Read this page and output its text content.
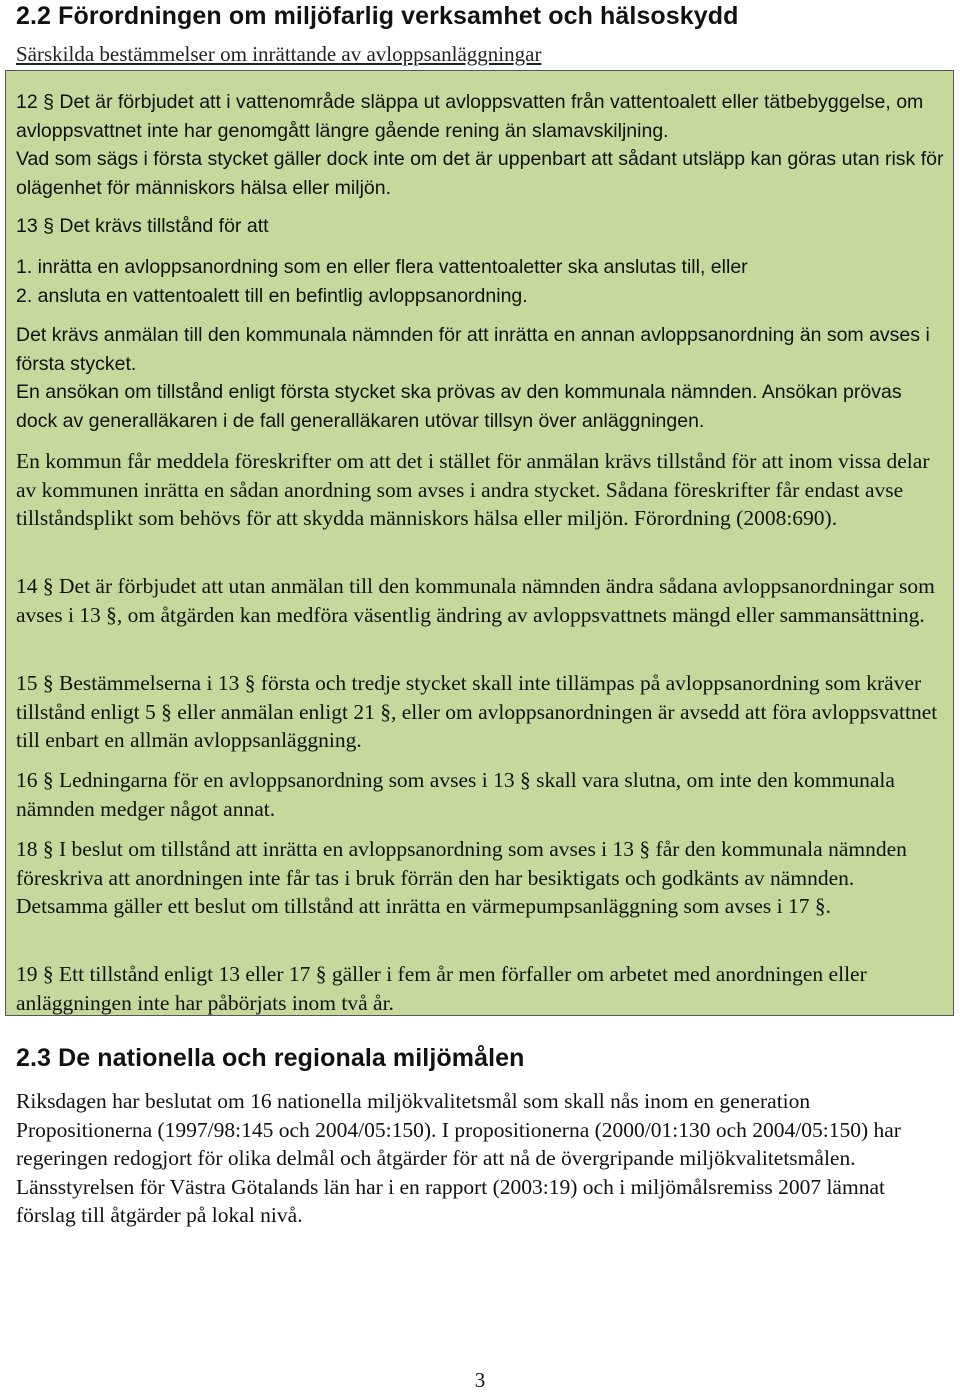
2.2 Förordningen om miljöfarlig verksamhet och hälsoskydd
Särskilda bestämmelser om inrättande av avloppsanläggningar

12 § Det är förbjudet att i vattenområde släppa ut avloppsvatten från vattentoalett eller tätbebyggelse, om avloppsvattnet inte har genomgått längre gående rening än slamavskiljning.

Vad som sägs i första stycket gäller dock inte om det är uppenbart att sådant utsläpp kan göras utan risk för olägenhet för människors hälsa eller miljön.

13 § Det krävs tillstånd för att

1. inrätta en avloppsanordning som en eller flera vattentoaletter ska anslutas till, eller

2. ansluta en vattentoalett till en befintlig avloppsanordning.

Det krävs anmälan till den kommunala nämnden för att inrätta en annan avloppsanordning än som avses i första stycket.

En ansökan om tillstånd enligt första stycket ska prövas av den kommunala nämnden. Ansökan prövas dock av generalläkaren i de fall generalläkaren utövar tillsyn över anläggningen.

En kommun får meddela föreskrifter om att det i stället för anmälan krävs tillstånd för att inom vissa delar av kommunen inrätta en sådan anordning som avses i andra stycket. Sådana föreskrifter får endast avse tillståndsplikt som behövs för att skydda människors hälsa eller miljön. Förordning (2008:690).

14 § Det är förbjudet att utan anmälan till den kommunala nämnden ändra sådana avloppsanordningar som avses i 13 §, om åtgärden kan medföra väsentlig ändring av avloppsvattnets mängd eller sammansättning.

15 § Bestämmelserna i 13 § första och tredje stycket skall inte tillämpas på avloppsanordning som kräver tillstånd enligt 5 § eller anmälan enligt 21 §, eller om avloppsanordningen är avsedd att föra avloppsvattnet till enbart en allmän avloppsanläggning.

16 § Ledningarna för en avloppsanordning som avses i 13 § skall vara slutna, om inte den kommunala nämnden medger något annat.

18 § I beslut om tillstånd att inrätta en avloppsanordning som avses i 13 § får den kommunala nämnden föreskriva att anordningen inte får tas i bruk förrän den har besiktigats och godkänts av nämnden. Detsamma gäller ett beslut om tillstånd att inrätta en värmepumpsanläggning som avses i 17 §.

19 § Ett tillstånd enligt 13 eller 17 § gäller i fem år men förfaller om arbetet med anordningen eller anläggningen inte har påbörjats inom två år.

2.3 De nationella och regionala miljömålen

Riksdagen har beslutat om 16 nationella miljökvalitetsmål som skall nås inom en generation Propositionerna (1997/98:145 och 2004/05:150). I propositionerna (2000/01:130 och 2004/05:150) har regeringen redogjort för olika delmål och åtgärder för att nå de övergripande miljökvalitetsmålen. Länsstyrelsen för Västra Götalands län har i en rapport (2003:19) och i miljömålsremiss 2007 lämnat förslag till åtgärder på lokal nivå.

3
